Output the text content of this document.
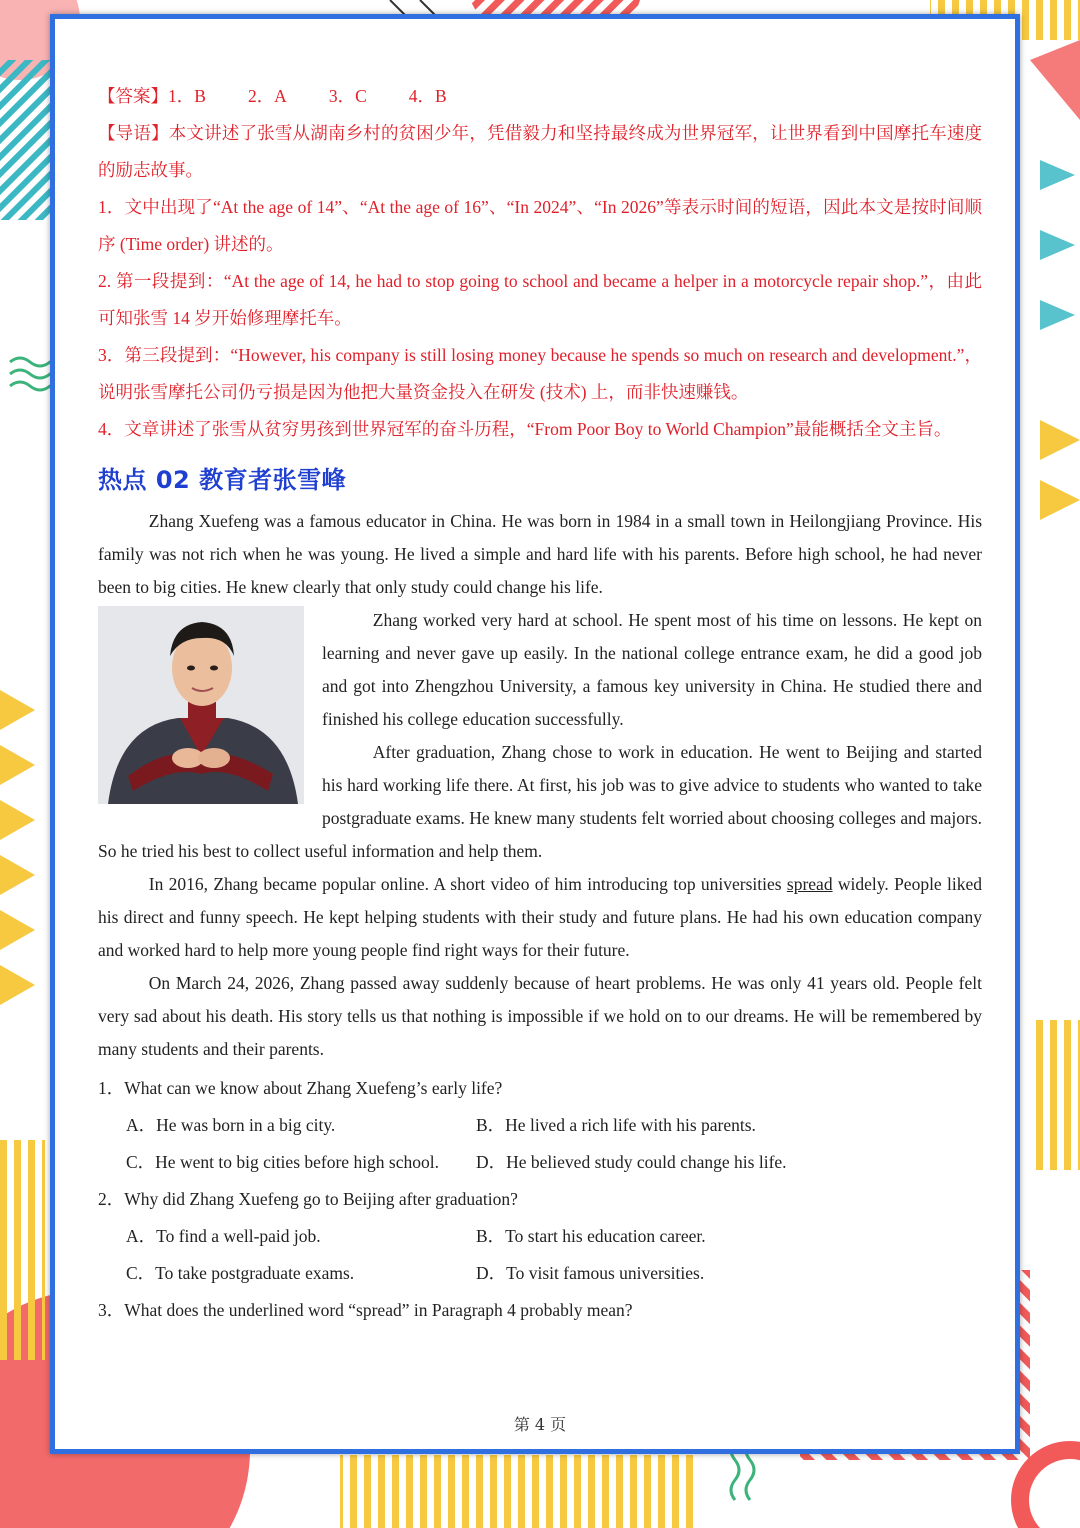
【答案】1．B 2．A 3．C 4．B

【导语】本文讲述了张雪从湖南乡村的贫困少年，凭借毅力和坚持最终成为世界冠军，让世界看到中国摩托车速度的励志故事。

1．文中出现了“At the age of 14”、“At the age of 16”、“In 2024”、“In 2026”等表示时间的短语，因此本文是按时间顺序 (Time order) 讲述的。

2. 第一段提到：“At the age of 14, he had to stop going to school and became a helper in a motorcycle repair shop.”，由此可知张雪 14 岁开始修理摩托车。

3．第三段提到：“However, his company is still losing money because he spends so much on research and development.”，说明张雪摩托公司仍亏损是因为他把大量资金投入在研发 (技术) 上，而非快速赚钱。

4．文章讲述了张雪从贫穷男孩到世界冠军的奋斗历程，“From Poor Boy to World Champion”最能概括全文主旨。

热点 02 教育者张雪峰

Zhang Xuefeng was a famous educator in China. He was born in 1984 in a small town in Heilongjiang Province. His family was not rich when he was young. He lived a simple and hard life with his parents. Before high school, he had never been to big cities. He knew clearly that only study could change his life.

Zhang worked very hard at school. He spent most of his time on lessons. He kept on learning and never gave up easily. In the national college entrance exam, he did a good job and got into Zhengzhou University, a famous key university in China. He studied there and finished his college education successfully.

After graduation, Zhang chose to work in education. He went to Beijing and started his hard working life there. At first, his job was to give advice to students who wanted to take postgraduate exams. He knew many students felt worried about choosing colleges and majors. So he tried his best to collect useful information and help them.

In 2016, Zhang became popular online. A short video of him introducing top universities spread widely. People liked his direct and funny speech. He kept helping students with their study and future plans. He had his own education company and worked hard to help more young people find right ways for their future.

On March 24, 2026, Zhang passed away suddenly because of heart problems. He was only 41 years old. People felt very sad about his death. His story tells us that nothing is impossible if we hold on to our dreams. He will be remembered by many students and their parents.

1．What can we know about Zhang Xuefeng’s early life?
A．He was born in a big city.	B．He lived a rich life with his parents.
C．He went to big cities before high school.	D．He believed study could change his life.
2．Why did Zhang Xuefeng go to Beijing after graduation?
A．To find a well-paid job.	B．To start his education career.
C．To take postgraduate exams.	D．To visit famous universities.
3．What does the underlined word “spread” in Paragraph 4 probably mean?
第 4 页
